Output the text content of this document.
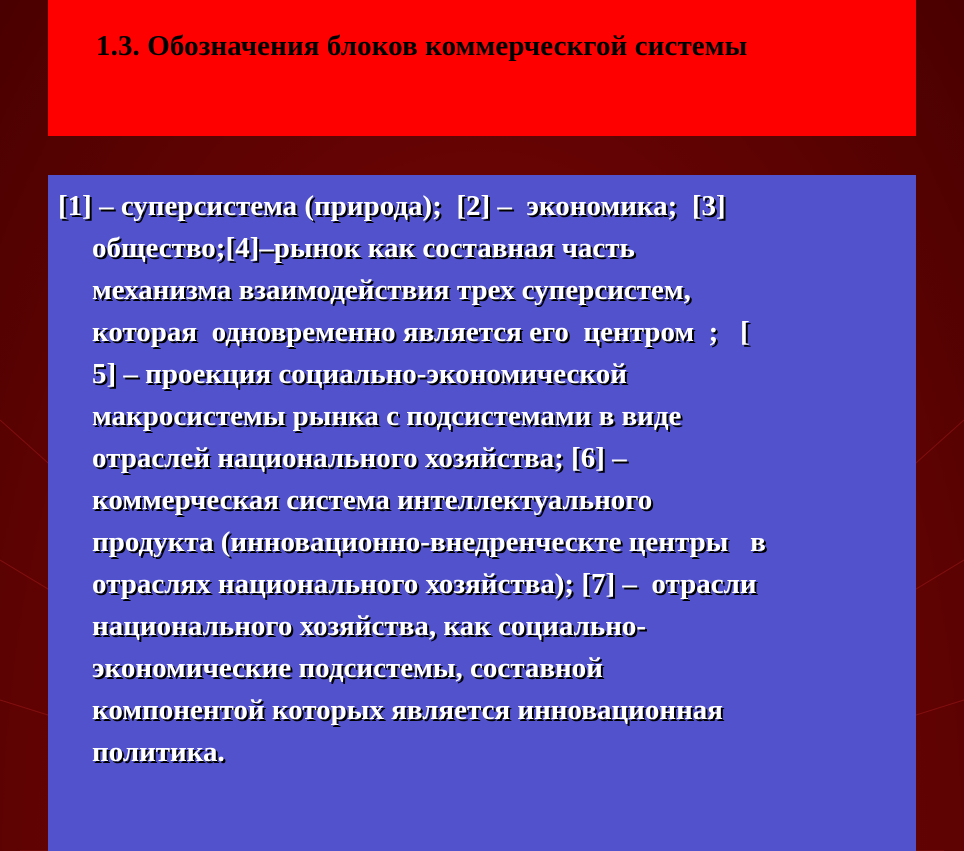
1.3. Обозначения блоков коммерческгой системы

[1] – суперсистема (природа);  [2] –  экономика;  [3]
общество;[4]–рынок как составная часть
механизма взаимодействия трех суперсистем,
которая  одновременно является его  центром  ;   [
5] – проекция социально-экономической
макросистемы рынка с подсистемами в виде
отраслей национального хозяйства; [6] –
коммерческая система интеллектуального
продукта (инновационно-внедренческте центры   в
отраслях национального хозяйства); [7] –  отрасли
национального хозяйства, как социально-
экономические подсистемы, составной
компонентой которых является инновационная
политика.
